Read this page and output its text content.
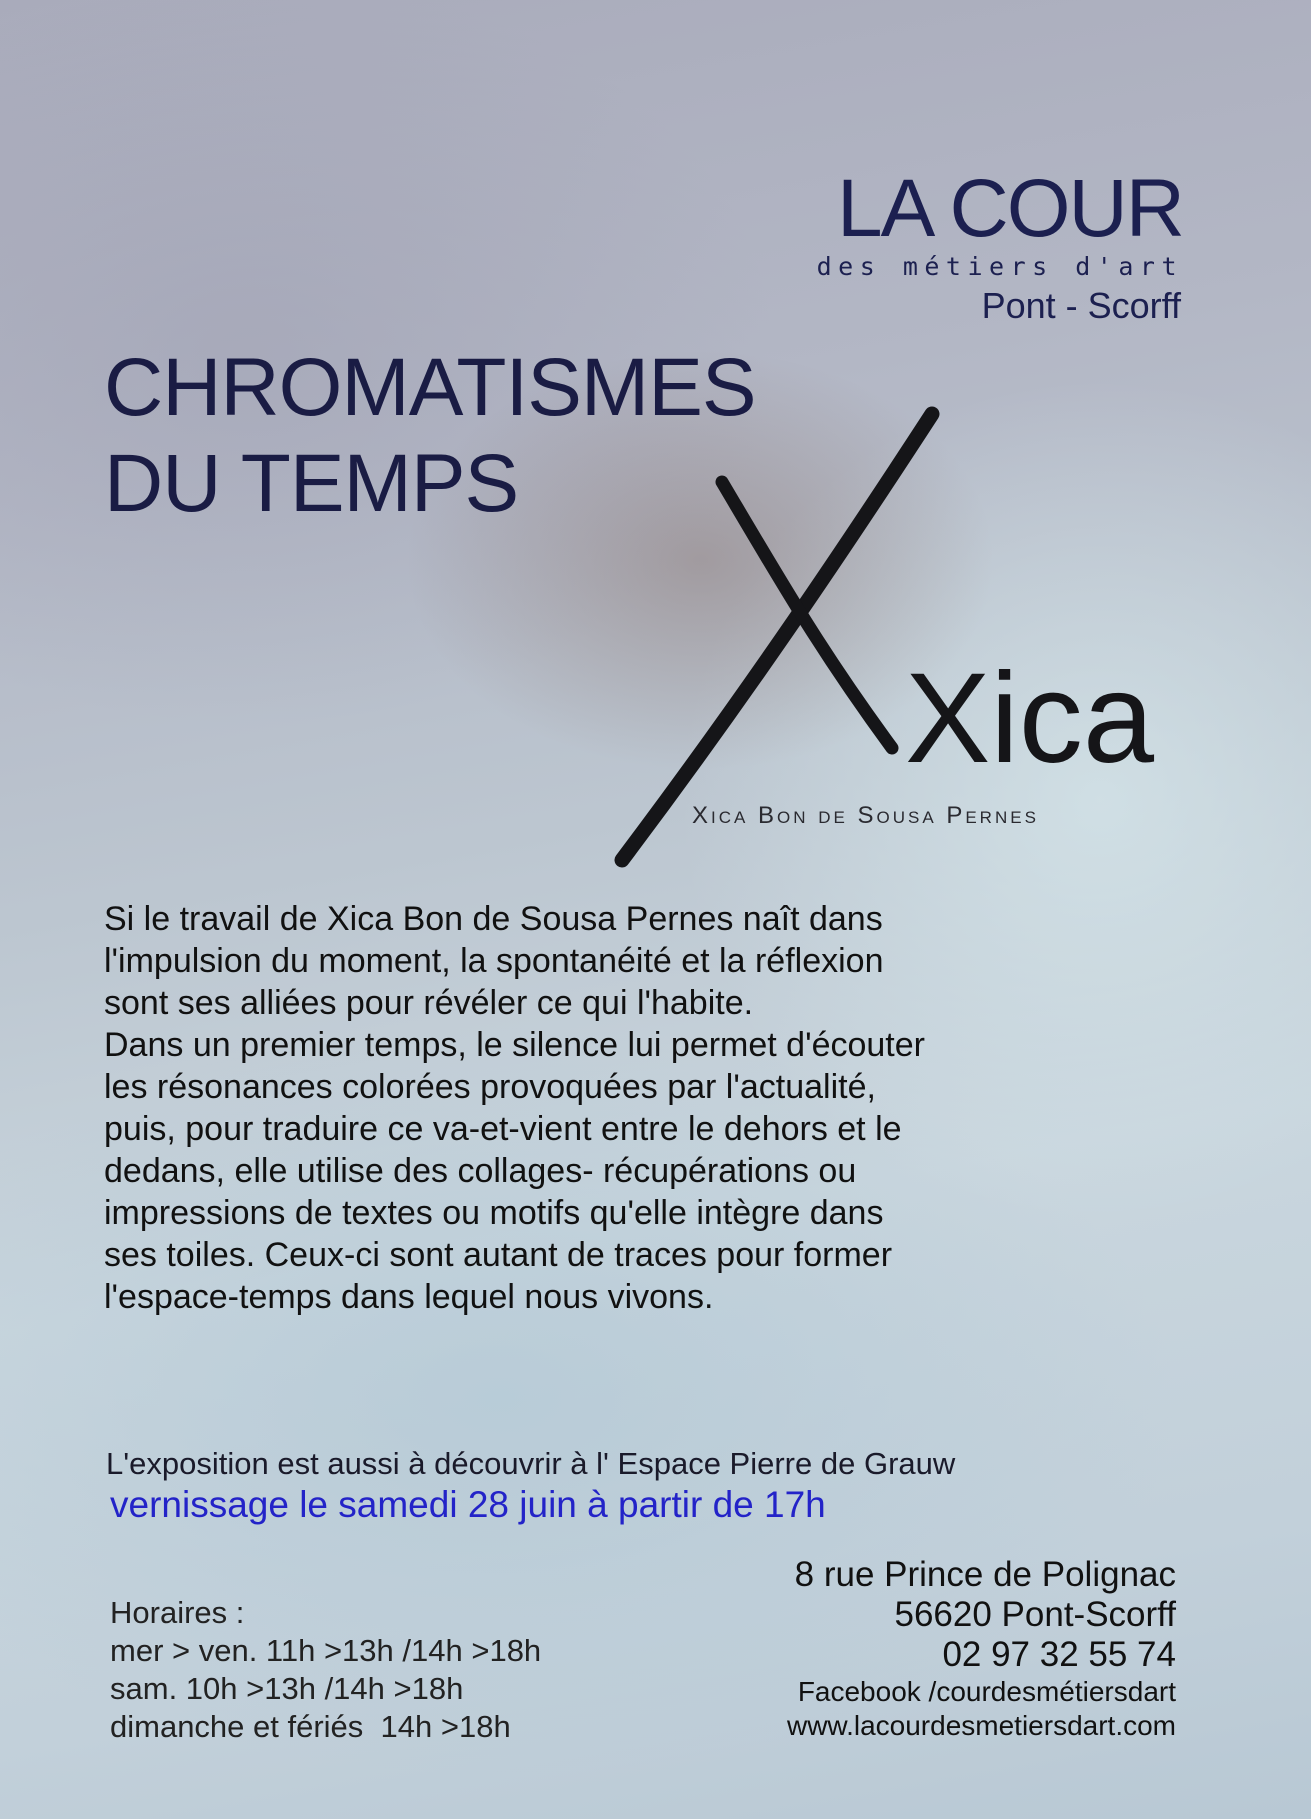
LA COUR
des métiers d'art
Pont - Scorff
CHROMATISMES
DU TEMPS
Xica
Xica Bon de Sousa Pernes

Si le travail de Xica Bon de Sousa Pernes naît dans l'impulsion du moment, la spontanéité et la réflexion sont ses alliées pour révéler ce qui l'habite.

Dans un premier temps, le silence lui permet d'écouter les résonances colorées provoquées par l'actualité, puis, pour traduire ce va-et-vient entre le dehors et le dedans, elle utilise des collages- récupérations ou impressions de textes ou motifs qu'elle intègre dans ses toiles. Ceux-ci sont autant de traces pour former l'espace-temps dans lequel nous vivons.

L'exposition est aussi à découvrir à l' Espace Pierre de Grauw
vernissage le samedi 28 juin à partir de 17h
Horaires :
mer > ven. 11h >13h /14h >18h
sam. 10h >13h /14h >18h
dimanche et fériés  14h >18h
8 rue Prince de Polignac
56620 Pont-Scorff
02 97 32 55 74
Facebook /courdesmétiersdart
www.lacourdesmetiersdart.com
